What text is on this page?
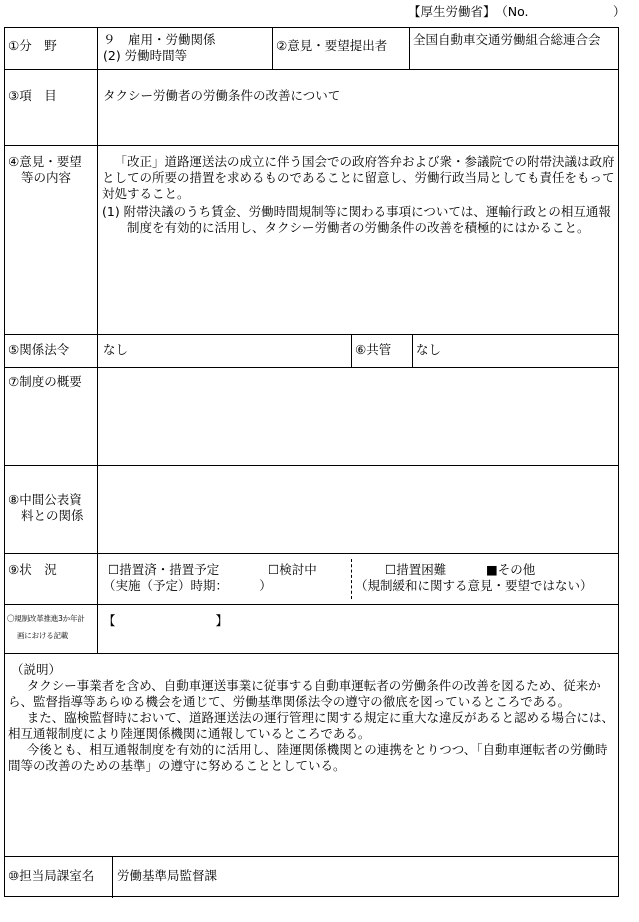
【厚生労働省】 （No.	）
①分　野	９　雇用・労働関係
(2) 労働時間等
②意見・要望提出者 全国自動車交通労働組合総連合会
③項　目	タクシー労働者の労働条件の改善について
④意見・要望
等の内容
「改正」道路運送法の成立に伴う国会での政府答弁および衆・参議院での附帯決議は政府としての所要の措置を求めるものであることに留意し、労働行政当局としても責任をもって対処すること。
(1) 附帯決議のうち賃金、労働時間規制等に関わる事項については、運輸行政との相互通報制度を有効的に活用し、タクシー労働者の労働条件の改善を積極的にはかること。
⑤関係法令	なし	⑥共管 なし
⑦制度の概要
⑧中間公表資
料との関係
⑨状　況	☐措置済・措置予定	☐検討中
（実施（予定）時期：　　　）
☐措置困難	■その他
（規制緩和に関する意見・要望ではない）
〇規制改革推進3か年計
画における記載
【　　　　　　　　】
（説明）

タクシー事業者を含め、自動車運送事業に従事する自動車運転者の労働条件の改善を図るため、従来から、監督指導等あらゆる機会を通じて、労働基準関係法令の遵守の徹底を図っているところである。

また、臨検監督時において、道路運送法の運行管理に関する規定に重大な違反があると認める場合には、相互通報制度により陸運関係機関に通報しているところである。

今後とも、相互通報制度を有効的に活用し、陸運関係機関との連携をとりつつ、「自動車運転者の労働時間等の改善のための基準」の遵守に努めることとしている。

⑩担当局課室名 労働基準局監督課
